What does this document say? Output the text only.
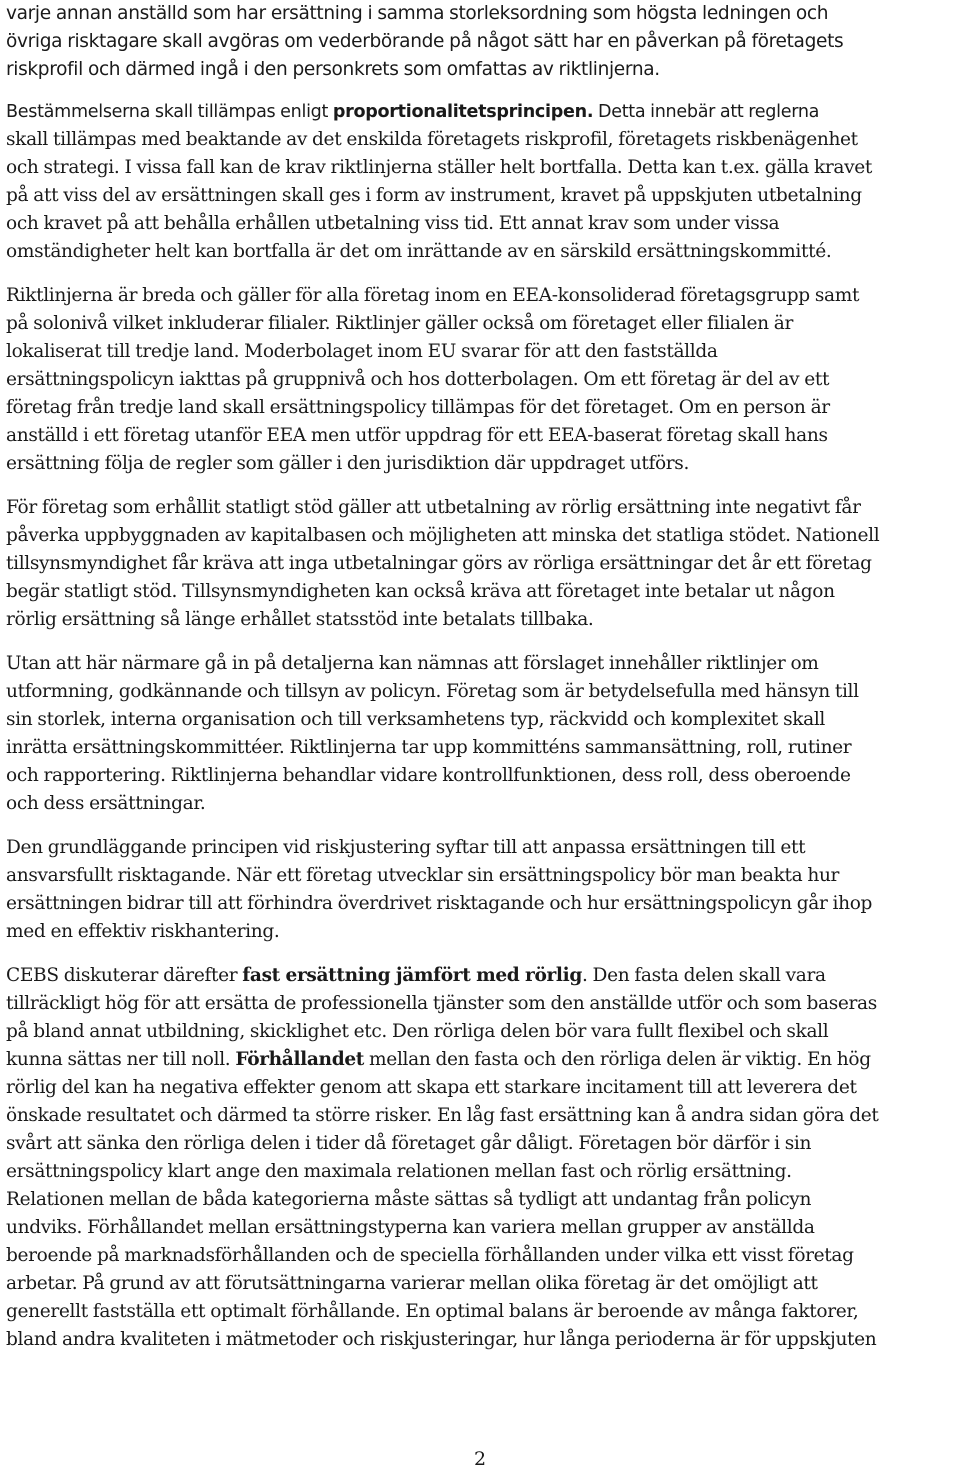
varje annan anställd som har ersättning i samma storleksordning som högsta ledningen och
övriga risktagare skall avgöras om vederbörande på något sätt har en påverkan på företagets
riskprofil och därmed ingå i den personkrets som omfattas av riktlinjerna.
Bestämmelserna skall tillämpas enligt proportionalitetsprincipen. Detta innebär att reglerna
skall tillämpas med beaktande av det enskilda företagets riskprofil, företagets riskbenägenhet
och strategi. I vissa fall kan de krav riktlinjerna ställer helt bortfalla. Detta kan t.ex. gälla kravet
på att viss del av ersättningen skall ges i form av instrument, kravet på uppskjuten utbetalning
och kravet på att behålla erhållen utbetalning viss tid. Ett annat krav som under vissa
omständigheter helt kan bortfalla är det om inrättande av en särskild ersättningskommitté.
Riktlinjerna är breda och gäller för alla företag inom en EEA-konsoliderad företagsgrupp samt
på solonivå vilket inkluderar filialer. Riktlinjer gäller också om företaget eller filialen är
lokaliserat till tredje land. Moderbolaget inom EU svarar för att den fastställda
ersättningspolicyn iakttas på gruppnivå och hos dotterbolagen. Om ett företag är del av ett
företag från tredje land skall ersättningspolicy tillämpas för det företaget. Om en person är
anställd i ett företag utanför EEA men utför uppdrag för ett EEA-baserat företag skall hans
ersättning följa de regler som gäller i den jurisdiktion där uppdraget utförs.
För företag som erhållit statligt stöd gäller att utbetalning av rörlig ersättning inte negativt får
påverka uppbyggnaden av kapitalbasen och möjligheten att minska det statliga stödet. Nationell
tillsynsmyndighet får kräva att inga utbetalningar görs av rörliga ersättningar det år ett företag
begär statligt stöd. Tillsynsmyndigheten kan också kräva att företaget inte betalar ut någon
rörlig ersättning så länge erhållet statsstöd inte betalats tillbaka.
Utan att här närmare gå in på detaljerna kan nämnas att förslaget innehåller riktlinjer om
utformning, godkännande och tillsyn av policyn. Företag som är betydelsefulla med hänsyn till
sin storlek, interna organisation och till verksamhetens typ, räckvidd och komplexitet skall
inrätta ersättningskommittéer. Riktlinjerna tar upp kommitténs sammansättning, roll, rutiner
och rapportering. Riktlinjerna behandlar vidare kontrollfunktionen, dess roll, dess oberoende
och dess ersättningar.
Den grundläggande principen vid riskjustering syftar till att anpassa ersättningen till ett
ansvarsfullt risktagande. När ett företag utvecklar sin ersättningspolicy bör man beakta hur
ersättningen bidrar till att förhindra överdrivet risktagande och hur ersättningspolicyn går ihop
med en effektiv riskhantering.
CEBS diskuterar därefter fast ersättning jämfört med rörlig. Den fasta delen skall vara
tillräckligt hög för att ersätta de professionella tjänster som den anställde utför och som baseras
på bland annat utbildning, skicklighet etc. Den rörliga delen bör vara fullt flexibel och skall
kunna sättas ner till noll. Förhållandet mellan den fasta och den rörliga delen är viktig. En hög
rörlig del kan ha negativa effekter genom att skapa ett starkare incitament till att leverera det
önskade resultatet och därmed ta större risker. En låg fast ersättning kan å andra sidan göra det
svårt att sänka den rörliga delen i tider då företaget går dåligt. Företagen bör därför i sin
ersättningspolicy klart ange den maximala relationen mellan fast och rörlig ersättning.
Relationen mellan de båda kategorierna måste sättas så tydligt att undantag från policyn
undviks. Förhållandet mellan ersättningstyperna kan variera mellan grupper av anställda
beroende på marknadsförhållanden och de speciella förhållanden under vilka ett visst företag
arbetar. På grund av att förutsättningarna varierar mellan olika företag är det omöjligt att
generellt fastställa ett optimalt förhållande. En optimal balans är beroende av många faktorer,
bland andra kvaliteten i mätmetoder och riskjusteringar, hur långa perioderna är för uppskjuten
2
